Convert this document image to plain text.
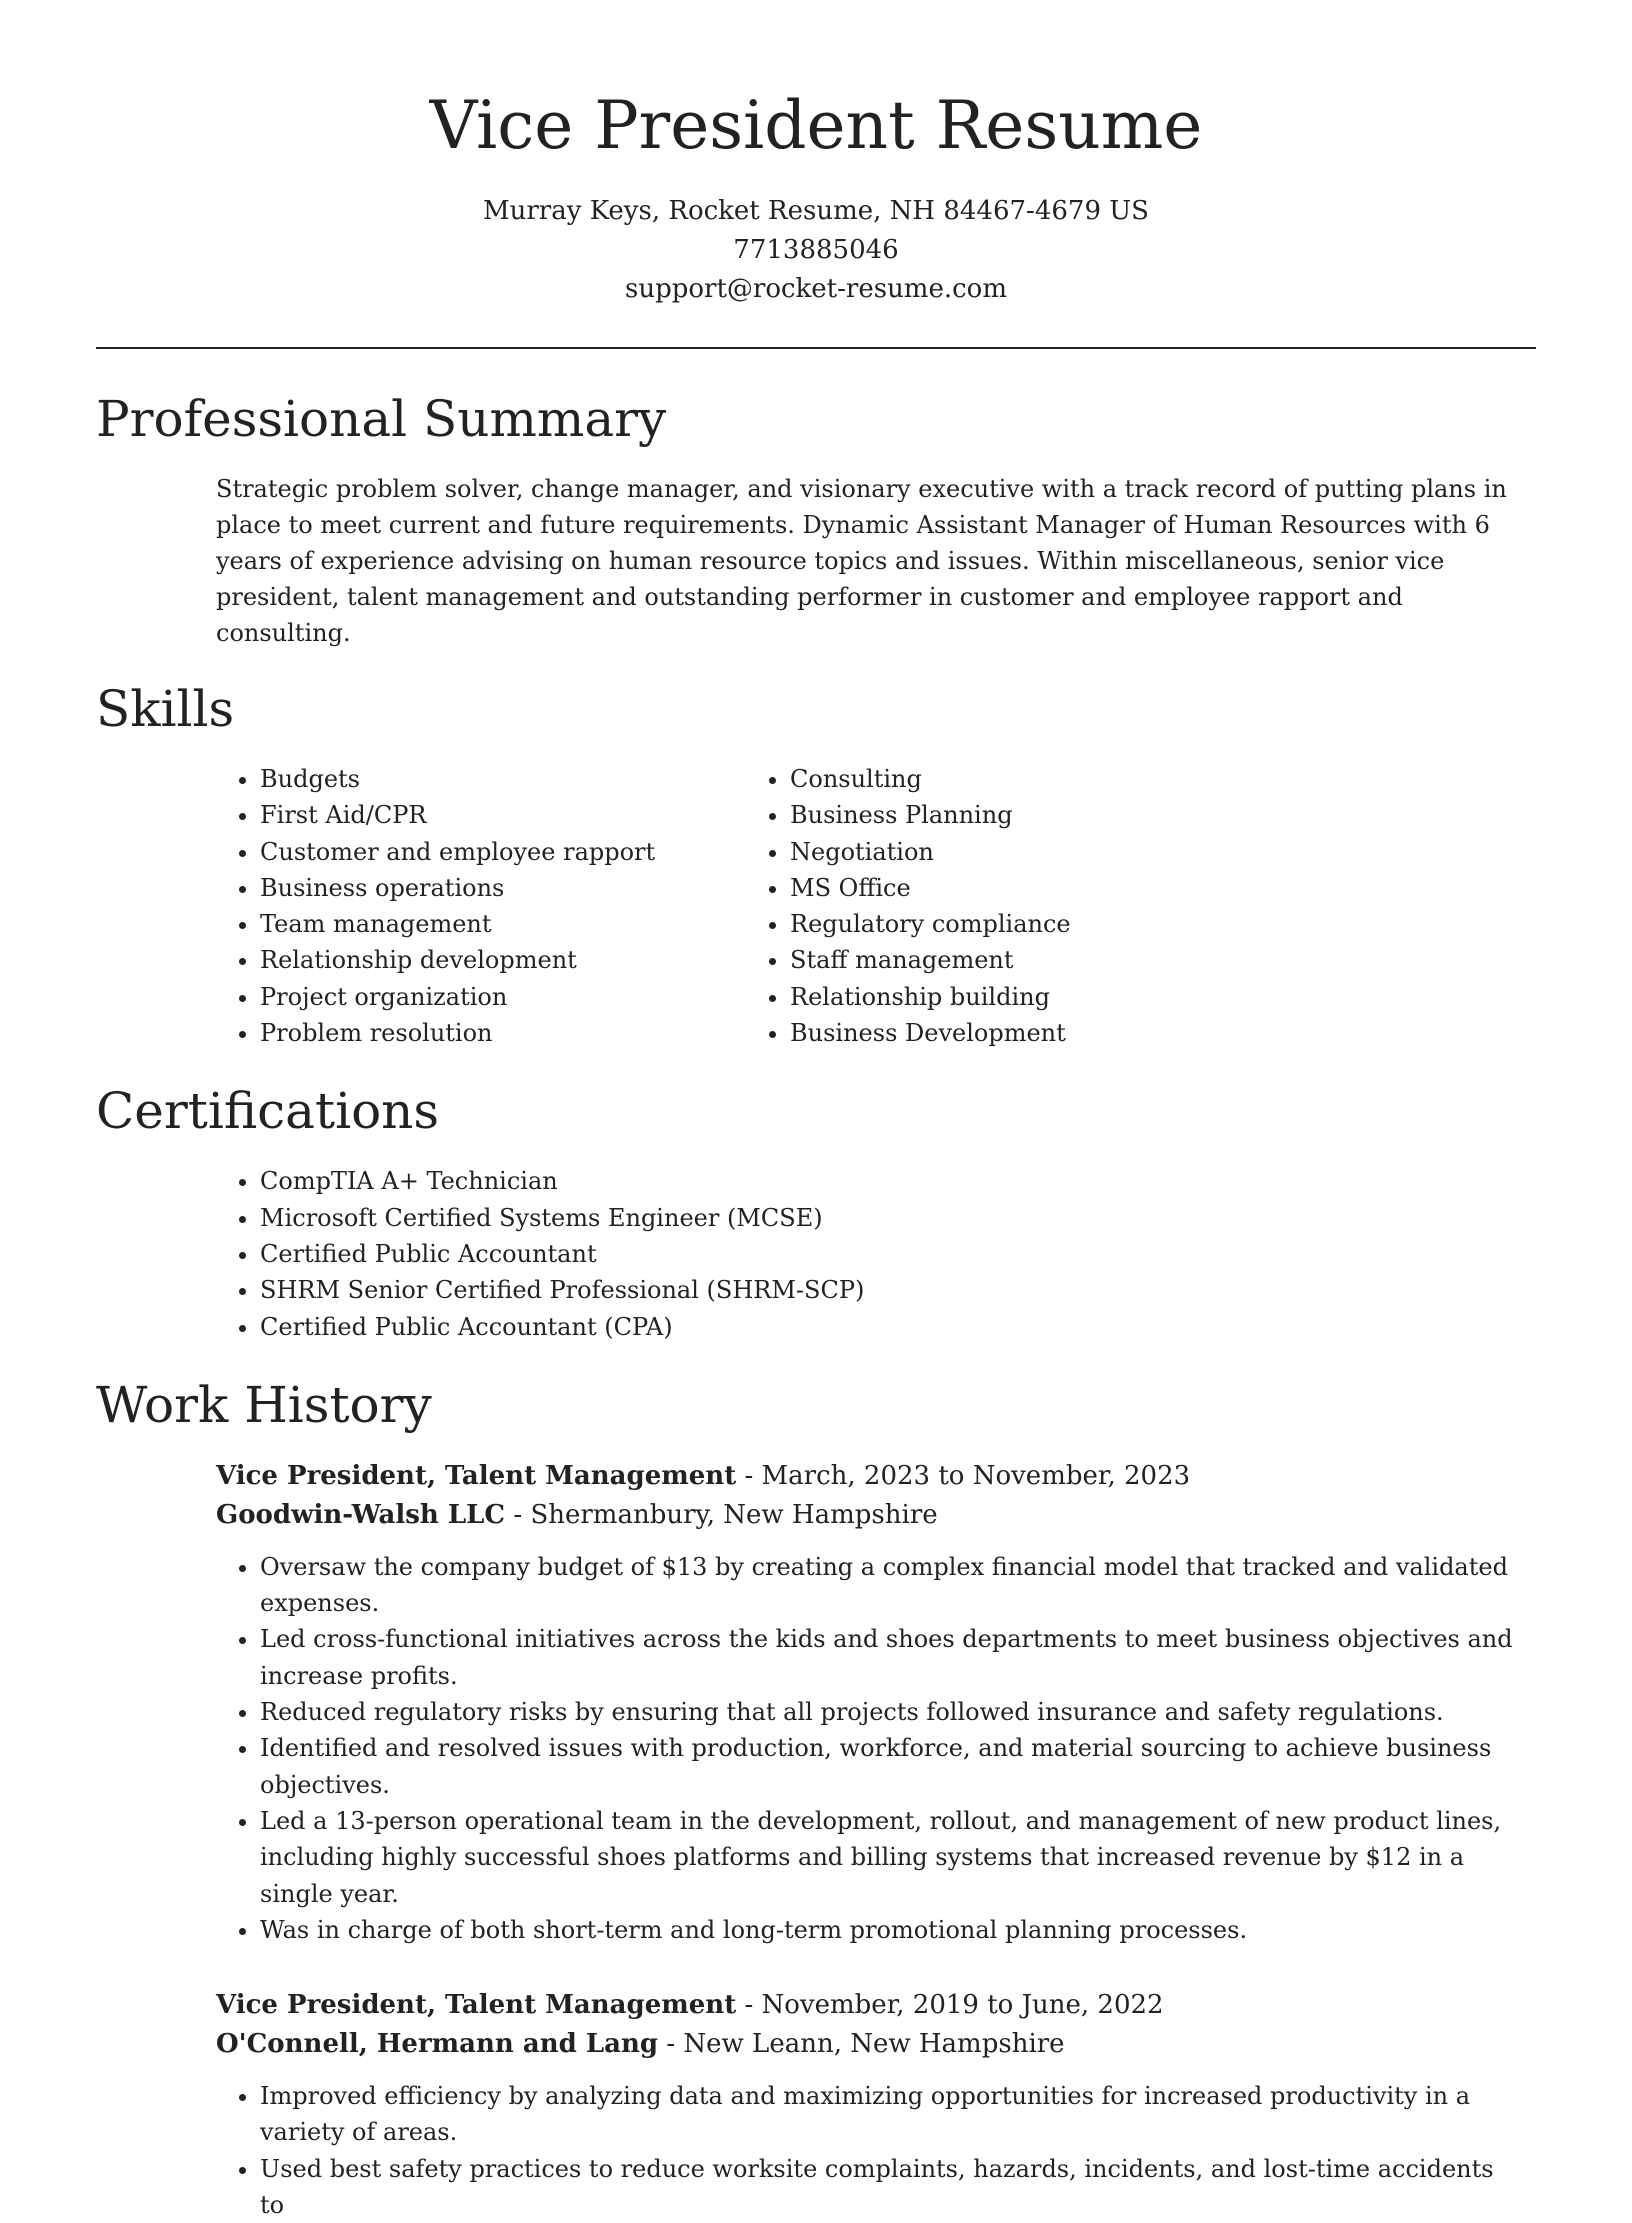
Vice President Resume
Murray Keys, Rocket Resume, NH 84467-4679 US
7713885046
support@rocket-resume.com
Professional Summary

Strategic problem solver, change manager, and visionary executive with a track record of putting plans in place to meet current and future requirements. Dynamic Assistant Manager of Human Resources with 6 years of experience advising on human resource topics and issues. Within miscellaneous, senior vice president, talent management and outstanding performer in customer and employee rapport and consulting.

Skills
• Budgets
• First Aid/CPR
• Customer and employee rapport
• Business operations
• Team management
• Relationship development
• Project organization
• Problem resolution
• Consulting
• Business Planning
• Negotiation
• MS Office
• Regulatory compliance
• Staff management
• Relationship building
• Business Development
Certifications
• CompTIA A+ Technician
• Microsoft Certified Systems Engineer (MCSE)
• Certified Public Accountant
• SHRM Senior Certified Professional (SHRM-SCP)
• Certified Public Accountant (CPA)
Work History
Vice President, Talent Management - March, 2023 to November, 2023
Goodwin-Walsh LLC - Shermanbury, New Hampshire
• Oversaw the company budget of $13 by creating a complex financial model that tracked and validated expenses.
• Led cross-functional initiatives across the kids and shoes departments to meet business objectives and increase profits.
• Reduced regulatory risks by ensuring that all projects followed insurance and safety regulations.
• Identified and resolved issues with production, workforce, and material sourcing to achieve business objectives.
• Led a 13-person operational team in the development, rollout, and management of new product lines, including highly successful shoes platforms and billing systems that increased revenue by $12 in a single year.
• Was in charge of both short-term and long-term promotional planning processes.
Vice President, Talent Management - November, 2019 to June, 2022
O'Connell, Hermann and Lang - New Leann, New Hampshire
• Improved efficiency by analyzing data and maximizing opportunities for increased productivity in a variety of areas.
• Used best safety practices to reduce worksite complaints, hazards, incidents, and lost-time accidents to
